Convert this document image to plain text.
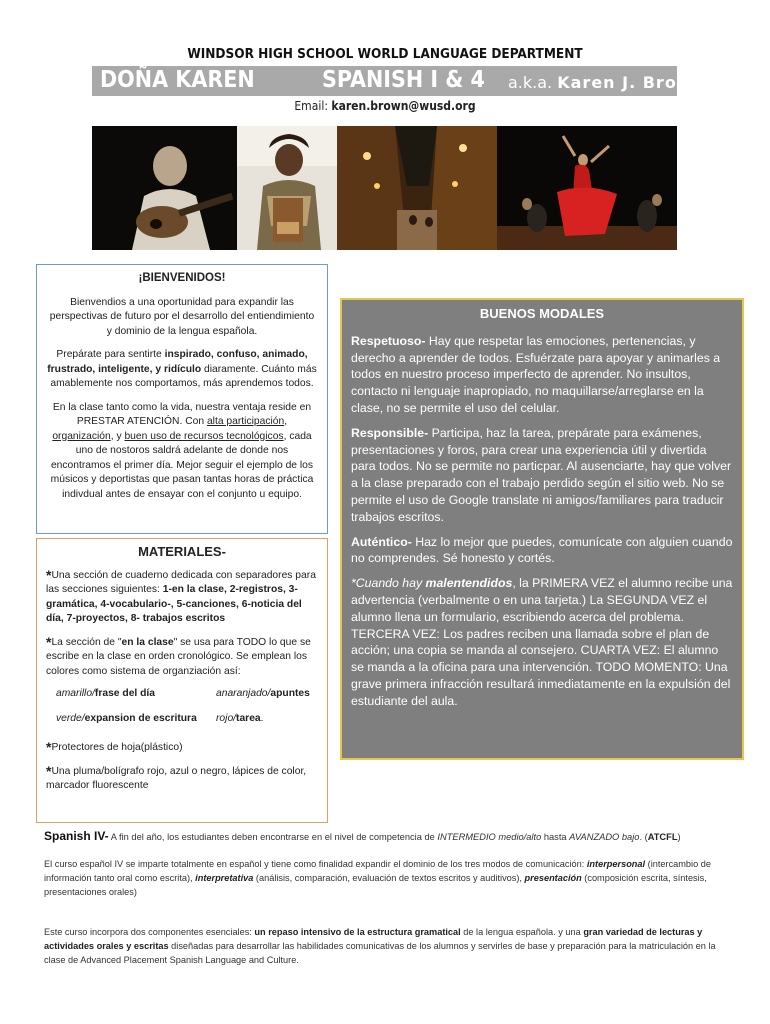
WINDSOR HIGH SCHOOL WORLD LANGUAGE DEPARTMENT
DOÑA KAREN	SPANISH I & 4 a.k.a. Karen J. Brown
Email: karen.brown@wusd.org
¡BIENVENIDOS!

Bienvendios a una oportunidad para expandir las perspectivas de futuro por el desarrollo del entiendimiento y dominio de la lengua española.

Prepárate para sentirte inspirado, confuso, animado, frustrado, inteligente, y ridículo diaramente. Cuánto más amablemente nos comportamos, más aprendemos todos.

En la clase tanto como la vida, nuestra ventaja reside en PRESTAR ATENCIÓN. Con alta participación, organización, y buen uso de recursos tecnológicos, cada uno de nostoros saldrá adelante de donde nos encontramos el primer día. Mejor seguir el ejemplo de los músicos y deportistas que pasan tantas horas de práctica indivdual antes de ensayar con el conjunto u equipo.

MATERIALES-

*Una sección de cuaderno dedicada con separadores para las secciones siguientes: 1-en la clase, 2-registros, 3-gramática, 4-vocabulario-, 5-canciones, 6-noticia del día, 7-proyectos, 8- trabajos escritos

*La sección de "en la clase" se usa para TODO lo que se escribe en la clase en orden cronológico. Se emplean los colores como sistema de organziación así:

amarillo/frase del día	anaranjado/apuntes
verde/expansion de escritura	rojo/tarea.

*Protectores de hoja(plástico)

*Una pluma/bolígrafo rojo, azul o negro, lápices de color, marcador fluorescente

BUENOS MODALES

Respetuoso- Hay que respetar las emociones, pertenencias, y derecho a aprender de todos. Esfuérzate para apoyar y animarles a todos en nuestro proceso imperfecto de aprender. No insultos, contacto ni lenguaje inapropiado, no maquillarse/arreglarse en la clase, no se permite el uso del celular.

Responsible- Participa, haz la tarea, prepárate para exámenes, presentaciones y foros, para crear una experiencia útil y divertida para todos. No se permite no particpar. Al ausenciarte, hay que volver a la clase preparado con el trabajo perdido según el sitio web. No se permite el uso de Google translate ni amigos/familiares para traducir trabajos escritos.

Auténtico- Haz lo mejor que puedes, comunícate con alguien cuando no comprendes. Sé honesto y cortés.

*Cuando hay malentendidos, la PRIMERA VEZ el alumno recibe una advertencia (verbalmente o en una tarjeta.) La SEGUNDA VEZ el alumno llena un formulario, escribiendo acerca del problema. TERCERA VEZ: Los padres reciben una llamada sobre el plan de acción; una copia se manda al consejero. CUARTA VEZ: El alumno se manda a la oficina para una intervención. TODO MOMENTO: Una grave primera infracción resultará inmediatamente en la expulsión del estudiante del aula.

Spanish IV- A fin del año, los estudiantes deben encontrarse en el nivel de competencia de INTERMEDIO medio/alto hasta AVANZADO bajo. (ATCFL)
El curso español IV se imparte totalmente en español y tiene como finalidad expandir el dominio de los tres modos de comunicación: interpersonal (intercambio de información tanto oral como escrita), interpretativa (análisis, comparación, evaluación de textos escritos y auditivos), presentación (composición escrita, síntesis, presentaciones orales)
Este curso incorpora dos componentes esenciales: un repaso intensivo de la estructura gramatical de la lengua española. y una gran variedad de lecturas y actividades orales y escritas diseñadas para desarrollar las habilidades comunicativas de los alumnos y servirles de base y preparación para la matriculación en la clase de Advanced Placement Spanish Language and Culture.
